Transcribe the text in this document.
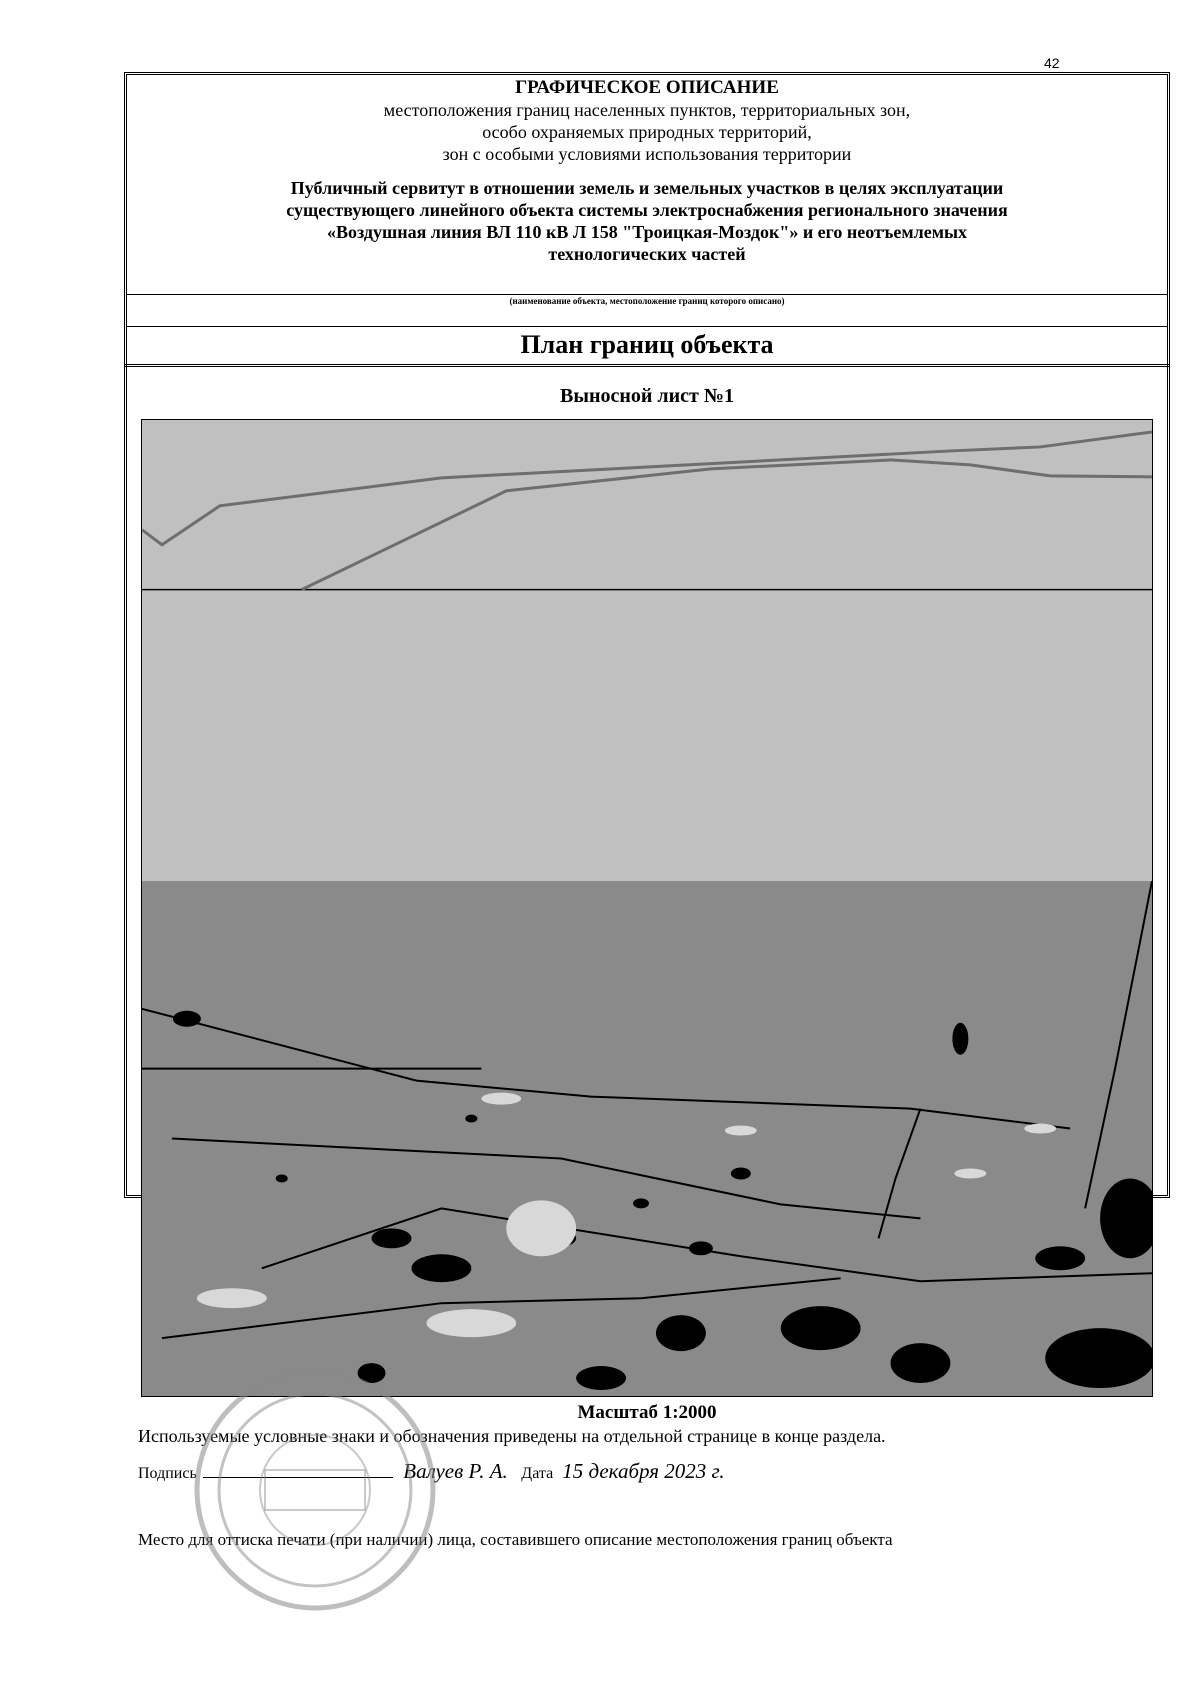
42
ГРАФИЧЕСКОЕ ОПИСАНИЕ
местоположения границ населенных пунктов, территориальных зон,
особо охраняемых природных территорий,
зон с особыми условиями использования территории
Публичный сервитут в отношении земель и земельных участков в целях эксплуатации
существующего линейного объекта системы электроснабжения регионального значения
«Воздушная линия ВЛ 110 кВ Л 158 "Троицкая-Моздок"» и его неотъемлемых
технологических частей
(наименование объекта, местоположение границ которого описано)
План границ объекта
Выносной лист №1
Масштаб 1:2000
Используемые условные знаки и обозначения приведены на отдельной странице в конце раздела.
Подпись	Валуев Р. А. Дата 15 декабря 2023 г.
Место для оттиска печати (при наличии) лица, составившего описание местоположения границ объекта
